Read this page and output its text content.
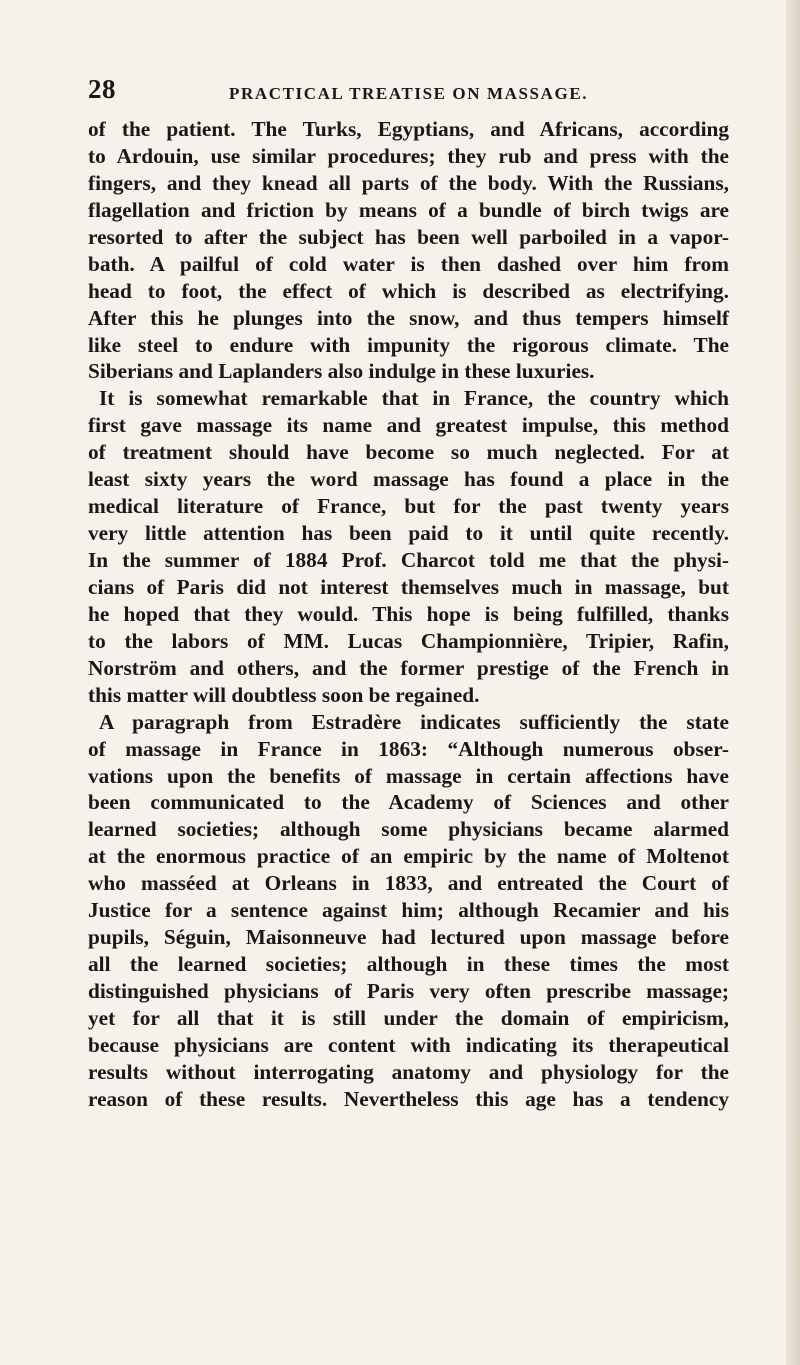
28	PRACTICAL TREATISE ON MASSAGE.
of the patient. The Turks, Egyptians, and Africans, according
to Ardouin, use similar procedures; they rub and press with the
fingers, and they knead all parts of the body. With the Russians,
flagellation and friction by means of a bundle of birch twigs are
resorted to after the subject has been well parboiled in a vapor-
bath. A pailful of cold water is then dashed over him from
head to foot, the effect of which is described as electrifying.
After this he plunges into the snow, and thus tempers himself
like steel to endure with impunity the rigorous climate. The
Siberians and Laplanders also indulge in these luxuries.
It is somewhat remarkable that in France, the country which
first gave massage its name and greatest impulse, this method
of treatment should have become so much neglected. For at
least sixty years the word massage has found a place in the
medical literature of France, but for the past twenty years
very little attention has been paid to it until quite recently.
In the summer of 1884 Prof. Charcot told me that the physi-
cians of Paris did not interest themselves much in massage, but
he hoped that they would. This hope is being fulfilled, thanks
to the labors of MM. Lucas Championnière, Tripier, Rafin,
Norström and others, and the former prestige of the French in
this matter will doubtless soon be regained.
A paragraph from Estradère indicates sufficiently the state
of massage in France in 1863: “Although numerous obser-
vations upon the benefits of massage in certain affections have
been communicated to the Academy of Sciences and other
learned societies; although some physicians became alarmed
at the enormous practice of an empiric by the name of Moltenot
who masséed at Orleans in 1833, and entreated the Court of
Justice for a sentence against him; although Recamier and his
pupils, Séguin, Maisonneuve had lectured upon massage before
all the learned societies; although in these times the most
distinguished physicians of Paris very often prescribe massage;
yet for all that it is still under the domain of empiricism,
because physicians are content with indicating its therapeutical
results without interrogating anatomy and physiology for the
reason of these results. Nevertheless this age has a tendency
